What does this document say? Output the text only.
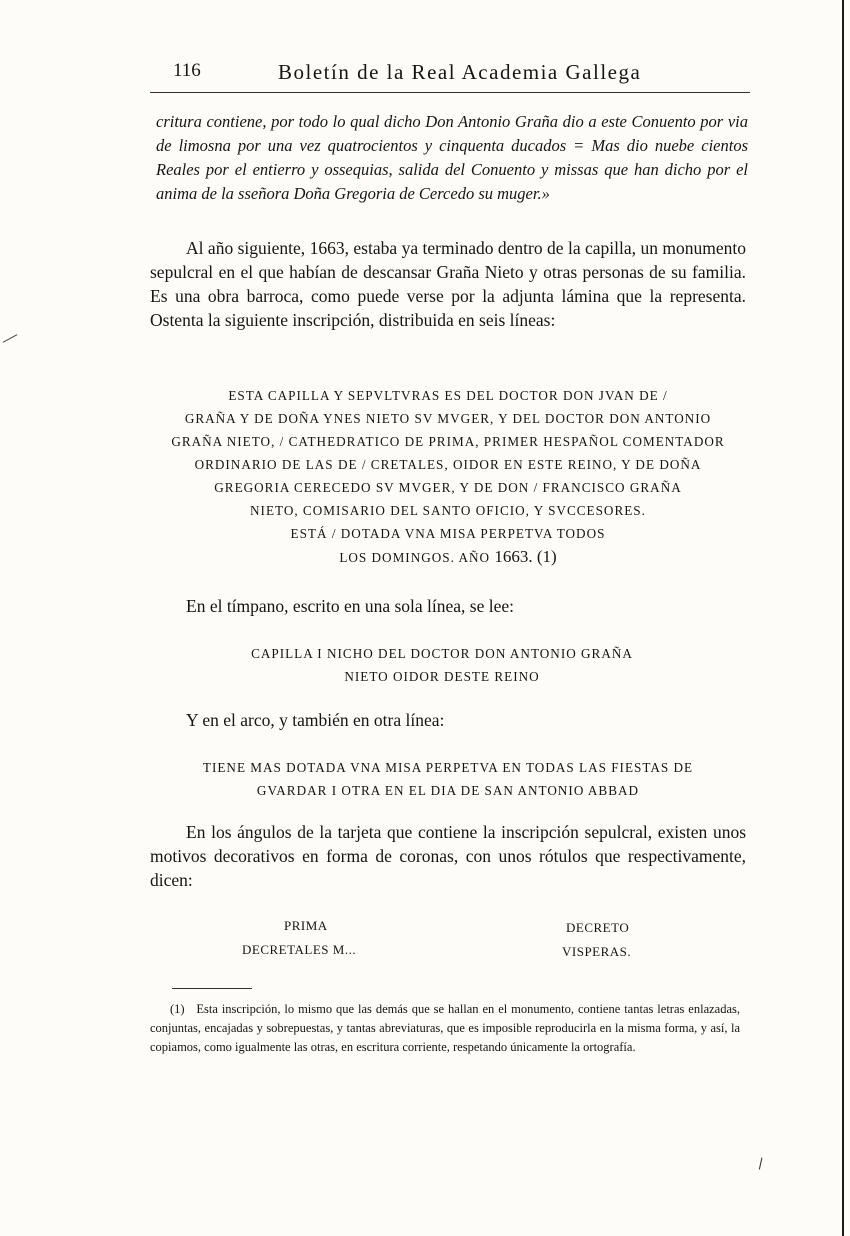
116	Boletín de la Real Academia Gallega
critura contiene, por todo lo qual dicho Don Antonio Graña dio a este Conuento por via de limosna por una vez quatrocientos y cinquenta ducados = Mas dio nuebe cientos Reales por el entierro y ossequias, salida del Conuento y missas que han dicho por el anima de la sseñora Doña Gregoria de Cercedo su muger.»
Al año siguiente, 1663, estaba ya terminado dentro de la capilla, un monumento sepulcral en el que habían de descansar Graña Nieto y otras personas de su familia. Es una obra barroca, como puede verse por la adjunta lámina que la representa. Ostenta la siguiente inscripción, distribuida en seis líneas:
ESTA CAPILLA Y SEPVLTVRAS ES DEL DOCTOR DON JVAN DE /
GRAÑA Y DE DOÑA YNES NIETO SV MVGER, Y DEL DOCTOR DON ANTONIO
GRAÑA NIETO, / CATHEDRATICO DE PRIMA, PRIMER HESPAÑOL COMENTADOR
ORDINARIO DE LAS DE / CRETALES, OIDOR EN ESTE REINO, Y DE DOÑA
GREGORIA CERECEDO SV MVGER, Y DE DON / FRANCISCO GRAÑA
NIETO, COMISARIO DEL SANTO OFICIO, Y SVCCESORES.
ESTÁ / DOTADA VNA MISA PERPETVA TODOS
LOS DOMINGOS. AÑO 1663. (1)
En el tímpano, escrito en una sola línea, se lee:
CAPILLA I NICHO DEL DOCTOR DON ANTONIO GRAÑA
NIETO OIDOR DESTE REINO
Y en el arco, y también en otra línea:
TIENE MAS DOTADA VNA MISA PERPETVA EN TODAS LAS FIESTAS DE
GVARDAR I OTRA EN EL DIA DE SAN ANTONIO ABBAD
En los ángulos de la tarjeta que contiene la inscripción sepulcral, existen unos motivos decorativos en forma de coronas, con unos rótulos que respectivamente, dicen:
PRIMA
DECRETALES M...
DECRETO
VISPERAS.
(1) Esta inscripción, lo mismo que las demás que se hallan en el monumento, contiene tantas letras enlazadas, conjuntas, encajadas y sobrepuestas, y tantas abreviaturas, que es imposible reproducirla en la misma forma, y así, la copiamos, como igualmente las otras, en escritura corriente, respetando únicamente la ortografía.
\
